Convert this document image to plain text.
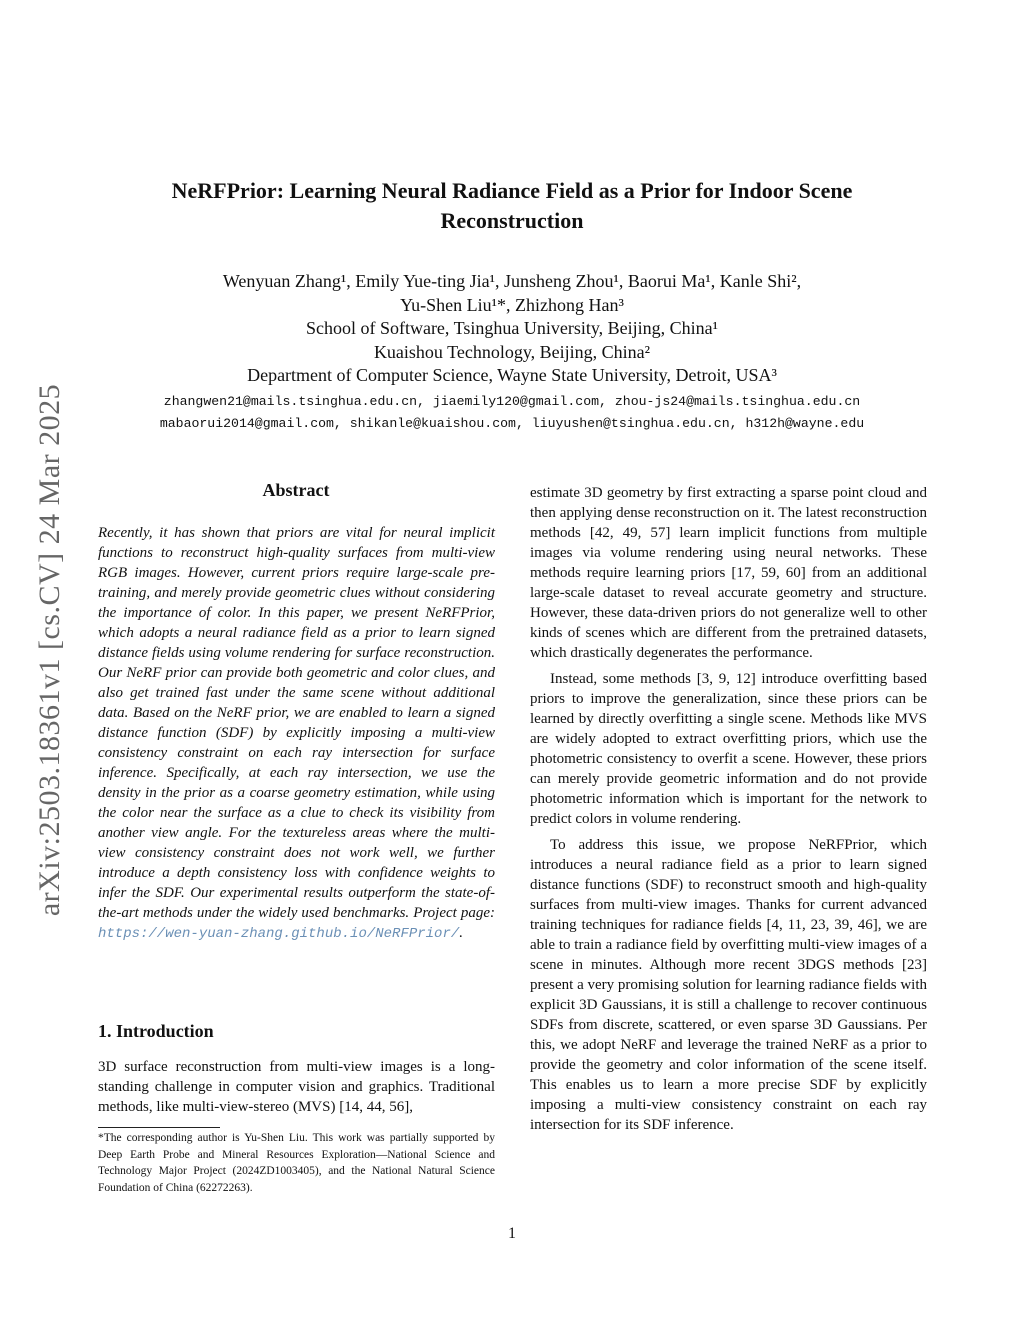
arXiv:2503.18361v1 [cs.CV] 24 Mar 2025
NeRFPrior: Learning Neural Radiance Field as a Prior for Indoor Scene
Reconstruction
Wenyuan Zhang¹, Emily Yue-ting Jia¹, Junsheng Zhou¹, Baorui Ma¹, Kanle Shi²,
Yu-Shen Liu¹*, Zhizhong Han³
School of Software, Tsinghua University, Beijing, China¹
Kuaishou Technology, Beijing, China²
Department of Computer Science, Wayne State University, Detroit, USA³
zhangwen21@mails.tsinghua.edu.cn, jiaemily120@gmail.com, zhou-js24@mails.tsinghua.edu.cn
mabaorui2014@gmail.com, shikanle@kuaishou.com, liuyushen@tsinghua.edu.cn, h312h@wayne.edu
Abstract
Recently, it has shown that priors are vital for neural implicit functions to reconstruct high-quality surfaces from multi-view RGB images. However, current priors require large-scale pre-training, and merely provide geometric clues without considering the importance of color. In this paper, we present NeRFPrior, which adopts a neural radiance field as a prior to learn signed distance fields using volume rendering for surface reconstruction. Our NeRF prior can provide both geometric and color clues, and also get trained fast under the same scene without additional data. Based on the NeRF prior, we are enabled to learn a signed distance function (SDF) by explicitly imposing a multi-view consistency constraint on each ray intersection for surface inference. Specifically, at each ray intersection, we use the density in the prior as a coarse geometry estimation, while using the color near the surface as a clue to check its visibility from another view angle. For the textureless areas where the multi-view consistency constraint does not work well, we further introduce a depth consistency loss with confidence weights to infer the SDF. Our experimental results outperform the state-of-the-art methods under the widely used benchmarks. Project page: https://wen-yuan-zhang.github.io/NeRFPrior/.
1. Introduction
3D surface reconstruction from multi-view images is a long-standing challenge in computer vision and graphics. Traditional methods, like multi-view-stereo (MVS) [14, 44, 56],
*The corresponding author is Yu-Shen Liu. This work was partially supported by Deep Earth Probe and Mineral Resources Exploration—National Science and Technology Major Project (2024ZD1003405), and the National Natural Science Foundation of China (62272263).

estimate 3D geometry by first extracting a sparse point cloud and then applying dense reconstruction on it. The latest reconstruction methods [42, 49, 57] learn implicit functions from multiple images via volume rendering using neural networks. These methods require learning priors [17, 59, 60] from an additional large-scale dataset to reveal accurate geometry and structure. However, these data-driven priors do not generalize well to other kinds of scenes which are different from the pretrained datasets, which drastically degenerates the performance.

Instead, some methods [3, 9, 12] introduce overfitting based priors to improve the generalization, since these priors can be learned by directly overfitting a single scene. Methods like MVS are widely adopted to extract overfitting priors, which use the photometric consistency to overfit a scene. However, these priors can merely provide geometric information and do not provide photometric information which is important for the network to predict colors in volume rendering.

To address this issue, we propose NeRFPrior, which introduces a neural radiance field as a prior to learn signed distance functions (SDF) to reconstruct smooth and high-quality surfaces from multi-view images. Thanks for current advanced training techniques for radiance fields [4, 11, 23, 39, 46], we are able to train a radiance field by overfitting multi-view images of a scene in minutes. Although more recent 3DGS methods [23] present a very promising solution for learning radiance fields with explicit 3D Gaussians, it is still a challenge to recover continuous SDFs from discrete, scattered, or even sparse 3D Gaussians. Per this, we adopt NeRF and leverage the trained NeRF as a prior to provide the geometry and color information of the scene itself. This enables us to learn a more precise SDF by explicitly imposing a multi-view consistency constraint on each ray intersection for its SDF inference.

1
